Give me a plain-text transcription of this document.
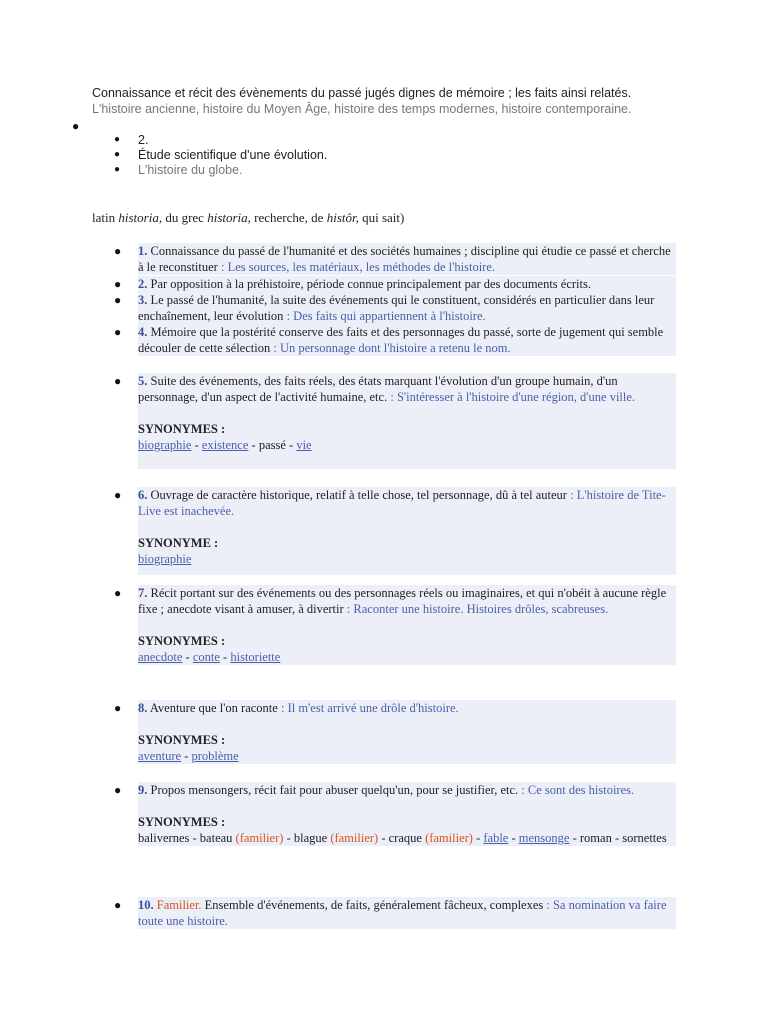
Connaissance et récit des évènements du passé jugés dignes de mémoire ; les faits ainsi relatés.
L'histoire ancienne, histoire du Moyen Âge, histoire des temps modernes, histoire contemporaine.
●
● 2.
● Étude scientifique d'une évolution.
● L'histoire du globe.
latin historia, du grec historia, recherche, de histôr, qui sait)
● 1. Connaissance du passé de l'humanité et des sociétés humaines ; discipline qui étudie ce passé et cherche à le reconstituer : Les sources, les matériaux, les méthodes de l'histoire.
● 2. Par opposition à la préhistoire, période connue principalement par des documents écrits.
● 3. Le passé de l'humanité, la suite des événements qui le constituent, considérés en particulier dans leur enchaînement, leur évolution : Des faits qui appartiennent à l'histoire.
● 4. Mémoire que la postérité conserve des faits et des personnages du passé, sorte de jugement qui semble découler de cette sélection : Un personnage dont l'histoire a retenu le nom.
● 5. Suite des événements, des faits réels, des états marquant l'évolution d'un groupe humain, d'un personnage, d'un aspect de l'activité humaine, etc. : S'intéresser à l'histoire d'une région, d'une ville.
SYNONYMES :
biographie - existence - passé - vie
● 6. Ouvrage de caractère historique, relatif à telle chose, tel personnage, dû à tel auteur : L'histoire de Tite-Live est inachevée.
SYNONYME :
biographie
● 7. Récit portant sur des événements ou des personnages réels ou imaginaires, et qui n'obéit à aucune règle fixe ; anecdote visant à amuser, à divertir : Raconter une histoire. Histoires drôles, scabreuses.
SYNONYMES :
anecdote - conte - historiette
● 8. Aventure que l'on raconte : Il m'est arrivé une drôle d'histoire.
SYNONYMES :
aventure - problème
● 9. Propos mensongers, récit fait pour abuser quelqu'un, pour se justifier, etc. : Ce sont des histoires.
SYNONYMES :
balivernes - bateau (familier) - blague (familier) - craque (familier) - fable - mensonge - roman - sornettes
● 10. Familier. Ensemble d'événements, de faits, généralement fâcheux, complexes : Sa nomination va faire toute une histoire.
